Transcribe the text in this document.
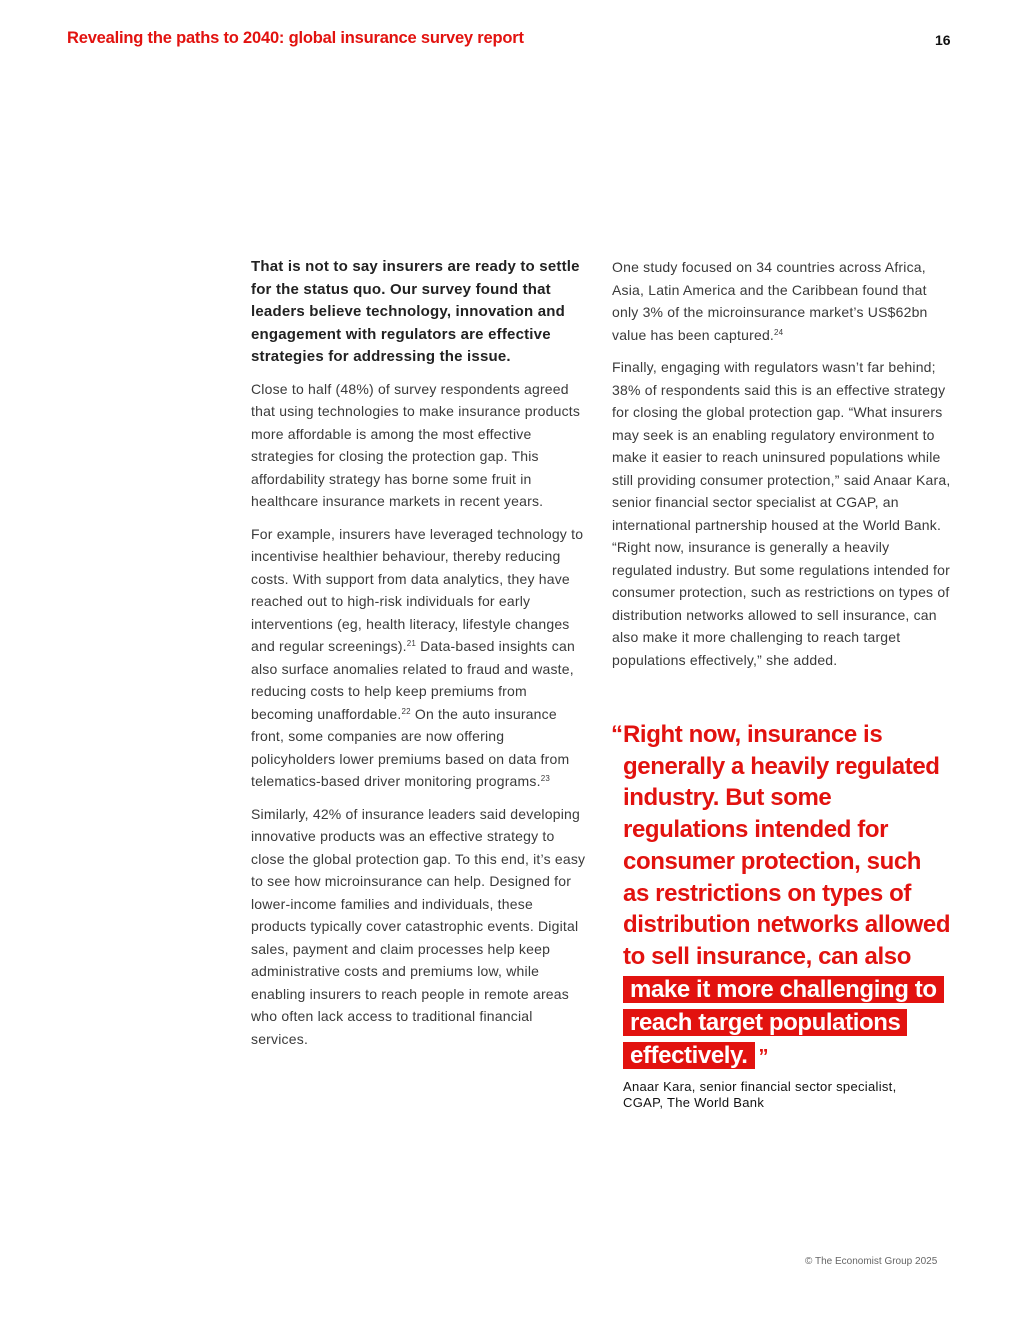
Revealing the paths to 2040: global insurance survey report	16

That is not to say insurers are ready to settle for the status quo. Our survey found that leaders believe technology, innovation and engagement with regulators are effective strategies for addressing the issue.

Close to half (48%) of survey respondents agreed that using technologies to make insurance products more affordable is among the most effective strategies for closing the protection gap. This affordability strategy has borne some fruit in healthcare insurance markets in recent years.

For example, insurers have leveraged technology to incentivise healthier behaviour, thereby reducing costs. With support from data analytics, they have reached out to high-risk individuals for early interventions (eg, health literacy, lifestyle changes and regular screenings).$^{21}$ Data-based insights can also surface anomalies related to fraud and waste, reducing costs to help keep premiums from becoming unaffordable.$^{22}$ On the auto insurance front, some companies are now offering policyholders lower premiums based on data from telematics-based driver monitoring programs.$^{23}$

Similarly, 42% of insurance leaders said developing innovative products was an effective strategy to close the global protection gap. To this end, it’s easy to see how microinsurance can help. Designed for lower-income families and individuals, these products typically cover catastrophic events. Digital sales, payment and claim processes help keep administrative costs and premiums low, while enabling insurers to reach people in remote areas who often lack access to traditional financial services.

One study focused on 34 countries across Africa, Asia, Latin America and the Caribbean found that only 3% of the microinsurance market’s US$62bn value has been captured.$^{24}$

Finally, engaging with regulators wasn’t far behind; 38% of respondents said this is an effective strategy for closing the global protection gap. “What insurers may seek is an enabling regulatory environment to make it easier to reach uninsured populations while still providing consumer protection,” said Anaar Kara, senior financial sector specialist at CGAP, an international partnership housed at the World Bank. “Right now, insurance is generally a heavily regulated industry. But some regulations intended for consumer protection, such as restrictions on types of distribution networks allowed to sell insurance, can also make it more challenging to reach target populations effectively,” she added.

“ Right now, insurance is generally a heavily regulated industry. But some regulations intended for consumer protection, such as restrictions on types of distribution networks allowed to sell insurance, can also make it more challenging to reach target populations effectively. ”
Anaar Kara, senior financial sector specialist,
CGAP, The World Bank
© The Economist Group 2025
